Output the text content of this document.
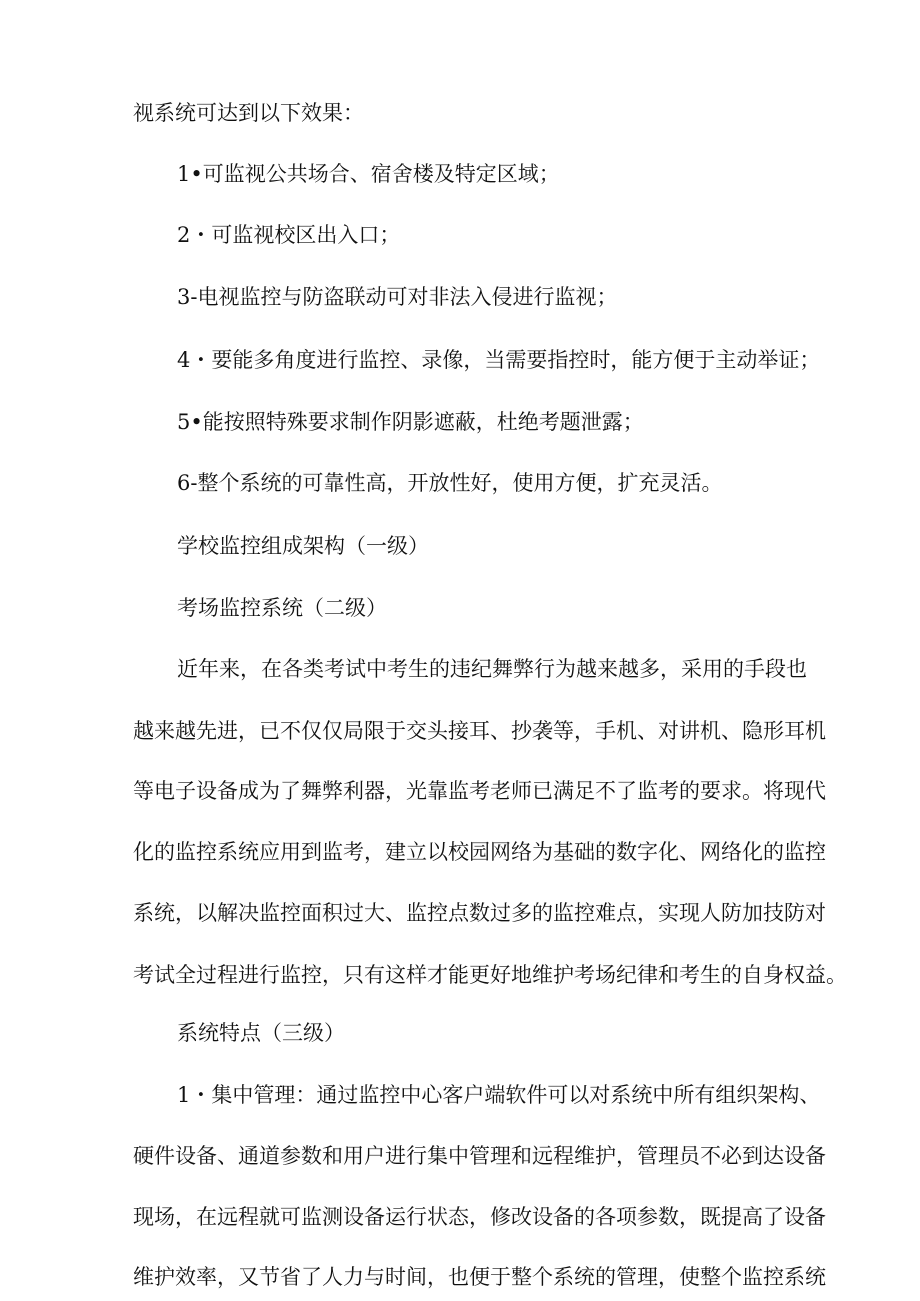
视系统可达到以下效果：
1•可监视公共场合、宿舍楼及特定区域；
2・可监视校区出入口；
3-电视监控与防盗联动可对非法入侵进行监视；
4・要能多角度进行监控、录像，当需要指控时，能方便于主动举证；
5•能按照特殊要求制作阴影遮蔽，杜绝考题泄露；
6-整个系统的可靠性高，开放性好，使用方便，扩充灵活。
学校监控组成架构（一级）
考场监控系统（二级）
近年来，在各类考试中考生的违纪舞弊行为越来越多，采用的手段也
越来越先进，已不仅仅局限于交头接耳、抄袭等，手机、对讲机、隐形耳机
等电子设备成为了舞弊利器，光靠监考老师已满足不了监考的要求。将现代
化的监控系统应用到监考，建立以校园网络为基础的数字化、网络化的监控
系统，以解决监控面积过大、监控点数过多的监控难点，实现人防加技防对
考试全过程进行监控，只有这样才能更好地维护考场纪律和考生的自身权益。
系统特点（三级）
1・集中管理：通过监控中心客户端软件可以对系统中所有组织架构、
硬件设备、通道参数和用户进行集中管理和远程维护，管理员不必到达设备
现场，在远程就可监测设备运行状态，修改设备的各项参数，既提高了设备
维护效率，又节省了人力与时间，也便于整个系统的管理，使整个监控系统
